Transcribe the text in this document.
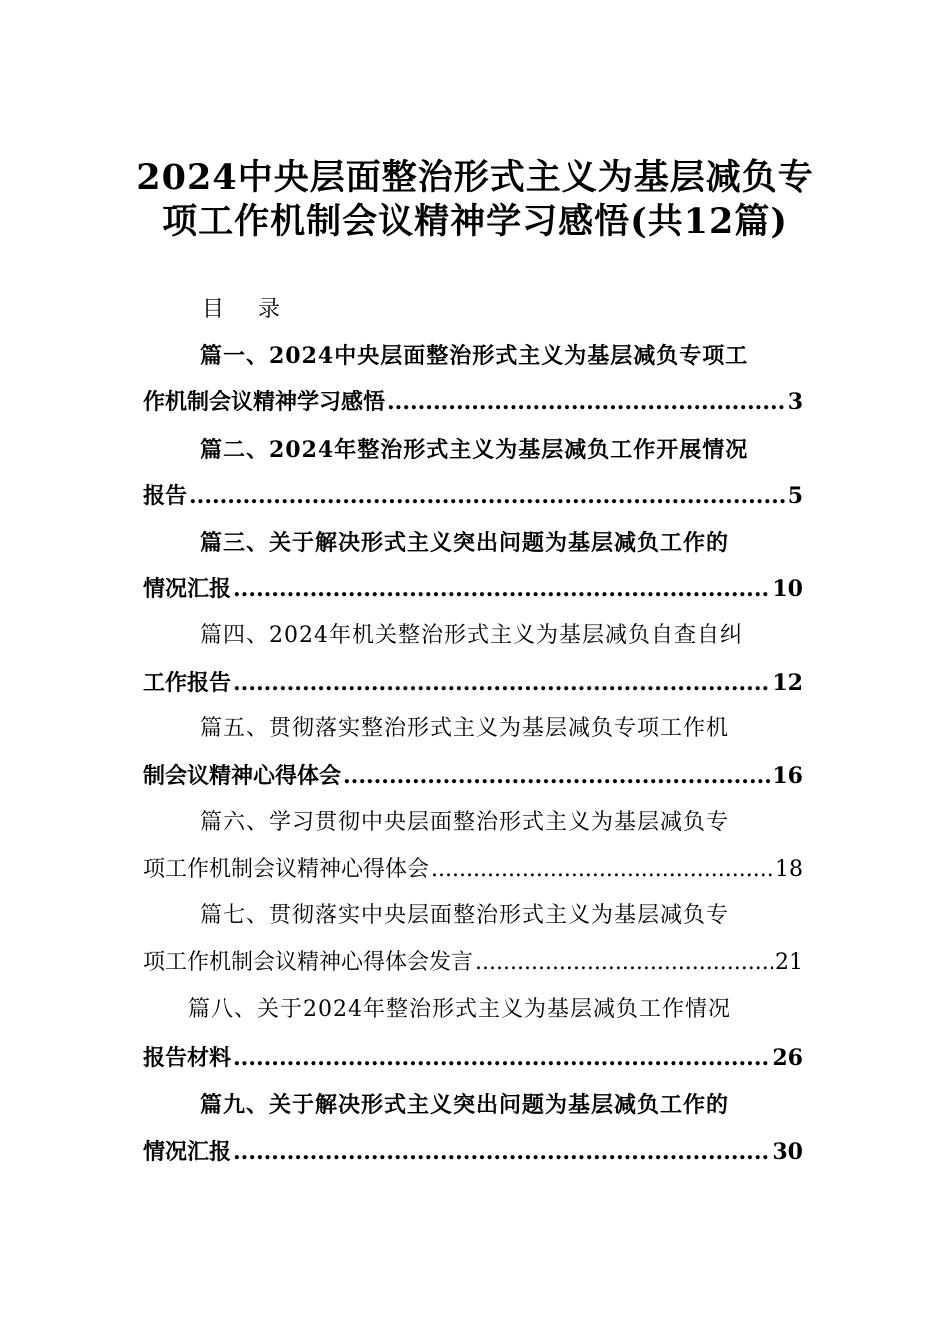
2024中央层面整治形式主义为基层减负专
项工作机制会议精神学习感悟(共12篇)
目 录
篇一、2024中央层面整治形式主义为基层减负专项工
作机制会议精神学习感悟 .....	3
篇二、2024年整治形式主义为基层减负工作开展情况
报告 .....	5
篇三、关于解决形式主义突出问题为基层减负工作的
情况汇报 .....	10
篇四、2024年机关整治形式主义为基层减负自查自纠
工作报告 .....	12
篇五、贯彻落实整治形式主义为基层减负专项工作机
制会议精神心得体会 .....	16
篇六、学习贯彻中央层面整治形式主义为基层减负专
项工作机制会议精神心得体会 .....	18
篇七、贯彻落实中央层面整治形式主义为基层减负专
项工作机制会议精神心得体会发言 .....	21
篇八、关于2024年整治形式主义为基层减负工作情况
报告材料 .....	26
篇九、关于解决形式主义突出问题为基层减负工作的
情况汇报 .....	30
